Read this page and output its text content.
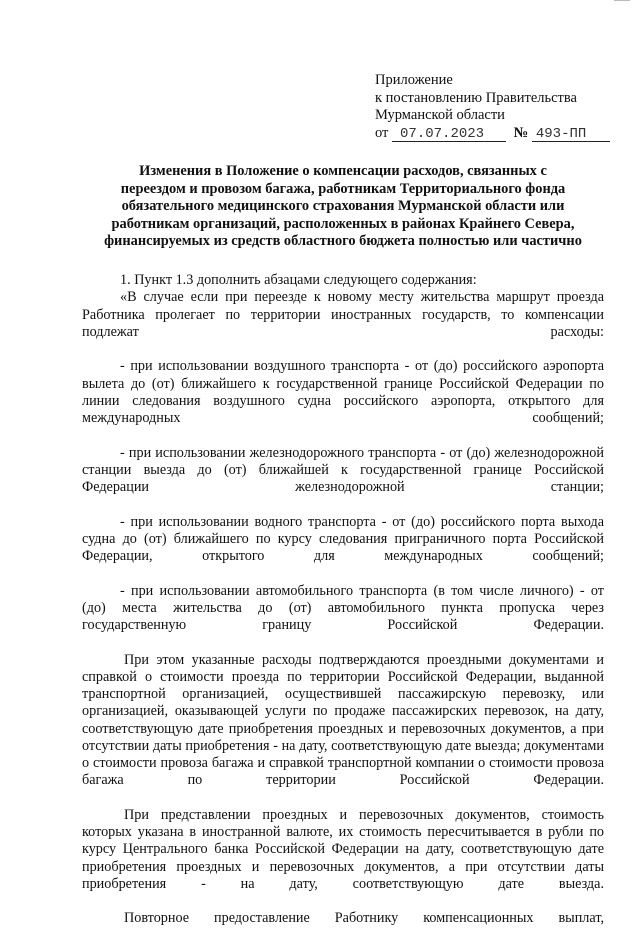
Приложение
к постановлению Правительства
Мурманской области
от 07.07.2023 № 493-ПП
Изменения в Положение о компенсации расходов, связанных с
переездом и провозом багажа, работникам Территориального фонда
обязательного медицинского страхования Мурманской области или
работникам организаций, расположенных в районах Крайнего Севера,
финансируемых из средств областного бюджета полностью или частично

1. Пункт 1.3 дополнить абзацами следующего содержания:

«В случае если при переезде к новому месту жительства маршрут проезда Работника пролегает по территории иностранных государств, то компенсации подлежат расходы:

- при использовании воздушного транспорта - от (до) российского аэропорта вылета до (от) ближайшего к государственной границе Российской Федерации по линии следования воздушного судна российского аэропорта, открытого для международных сообщений;

- при использовании железнодорожного транспорта - от (до) железнодорожной станции выезда до (от) ближайшей к государственной границе Российской Федерации железнодорожной станции;

- при использовании водного транспорта - от (до) российского порта выхода судна до (от) ближайшего по курсу следования приграничного порта Российской Федерации, открытого для международных сообщений;

- при использовании автомобильного транспорта (в том числе личного) - от (до) места жительства до (от) автомобильного пункта пропуска через государственную границу Российской Федерации.

При этом указанные расходы подтверждаются проездными документами и справкой о стоимости проезда по территории Российской Федерации, выданной транспортной организацией, осуществившей пассажирскую перевозку, или организацией, оказывающей услуги по продаже пассажирских перевозок, на дату, соответствующую дате приобретения проездных и перевозочных документов, а при отсутствии даты приобретения - на дату, соответствующую дате выезда; документами о стоимости провоза багажа и справкой транспортной компании о стоимости провоза багажа по территории Российской Федерации.

При представлении проездных и перевозочных документов, стоимость которых указана в иностранной валюте, их стоимость пересчитывается в рубли по курсу Центрального банка Российской Федерации на дату, соответствующую дате приобретения проездных и перевозочных документов, а при отсутствии даты приобретения - на дату, соответствующую дате выезда.

Повторное предоставление Работнику компенсационных выплат,
